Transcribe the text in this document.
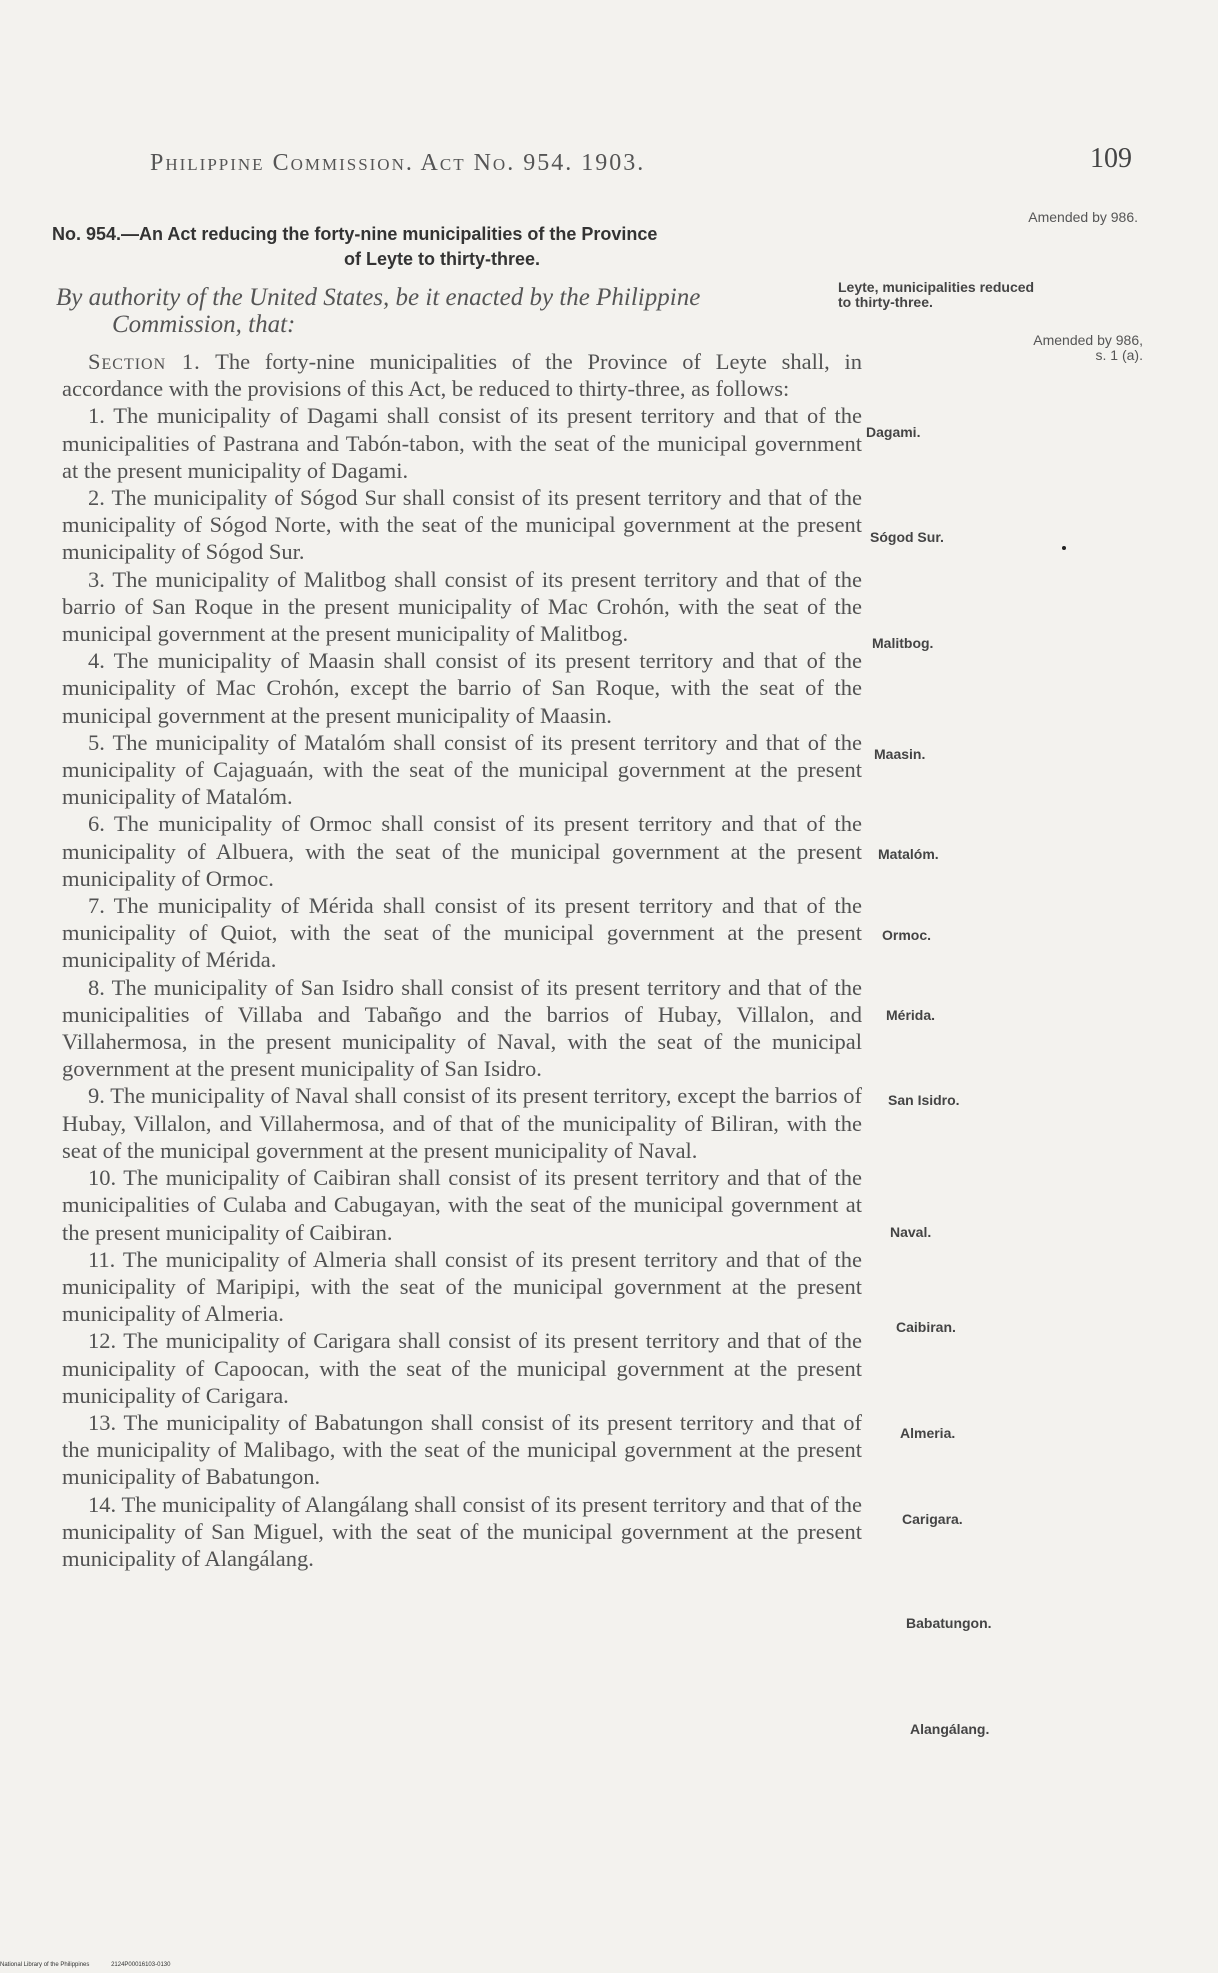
Philippine Commission. Act No. 954. 1903.	109
Amended by 986.
No. 954.—An Act reducing the forty-nine municipalities of the Province
of Leyte to thirty-three.
By authority of the United States, be it enacted by the Philippine
Commission, that:
Leyte, municipalities reduced to thirty-three.
Amended by 986, s. 1 (a).

Section 1. The forty-nine municipalities of the Province of Leyte shall, in accordance with the provisions of this Act, be reduced to thirty-three, as follows:

1. The municipality of Dagami shall consist of its present territory and that of the municipalities of Pastrana and Tabón-tabon, with the seat of the municipal government at the present municipality of Dagami.

2. The municipality of Sógod Sur shall consist of its present territory and that of the municipality of Sógod Norte, with the seat of the municipal government at the present municipality of Sógod Sur.

3. The municipality of Malitbog shall consist of its present territory and that of the barrio of San Roque in the present municipality of Mac Crohón, with the seat of the municipal government at the present municipality of Malitbog.

4. The municipality of Maasin shall consist of its present territory and that of the municipality of Mac Crohón, except the barrio of San Roque, with the seat of the municipal government at the present municipality of Maasin.

5. The municipality of Matalóm shall consist of its present territory and that of the municipality of Cajaguaán, with the seat of the municipal government at the present municipality of Matalóm.

6. The municipality of Ormoc shall consist of its present territory and that of the municipality of Albuera, with the seat of the municipal government at the present municipality of Ormoc.

7. The municipality of Mérida shall consist of its present territory and that of the municipality of Quiot, with the seat of the municipal government at the present municipality of Mérida.

8. The municipality of San Isidro shall consist of its present territory and that of the municipalities of Villaba and Tabañgo and the barrios of Hubay, Villalon, and Villahermosa, in the present municipality of Naval, with the seat of the municipal government at the present municipality of San Isidro.

9. The municipality of Naval shall consist of its present territory, except the barrios of Hubay, Villalon, and Villahermosa, and of that of the municipality of Biliran, with the seat of the municipal government at the present municipality of Naval.

10. The municipality of Caibiran shall consist of its present territory and that of the municipalities of Culaba and Cabugayan, with the seat of the municipal government at the present municipality of Caibiran.

11. The municipality of Almeria shall consist of its present territory and that of the municipality of Maripipi, with the seat of the municipal government at the present municipality of Almeria.

12. The municipality of Carigara shall consist of its present territory and that of the municipality of Capoocan, with the seat of the municipal government at the present municipality of Carigara.

13. The municipality of Babatungon shall consist of its present territory and that of the municipality of Malibago, with the seat of the municipal government at the present municipality of Babatungon.

14. The municipality of Alangálang shall consist of its present territory and that of the municipality of San Miguel, with the seat of the municipal government at the present municipality of Alangálang.

Dagami.
Sógod Sur.
Malitbog.
Maasin.
Matalóm.
Ormoc.
Mérida.
San Isidro.
Naval.
Caibiran.
Almeria.
Carigara.
Babatungon.
Alangálang.
National Library of the Philippines	2124P00016103-0130
